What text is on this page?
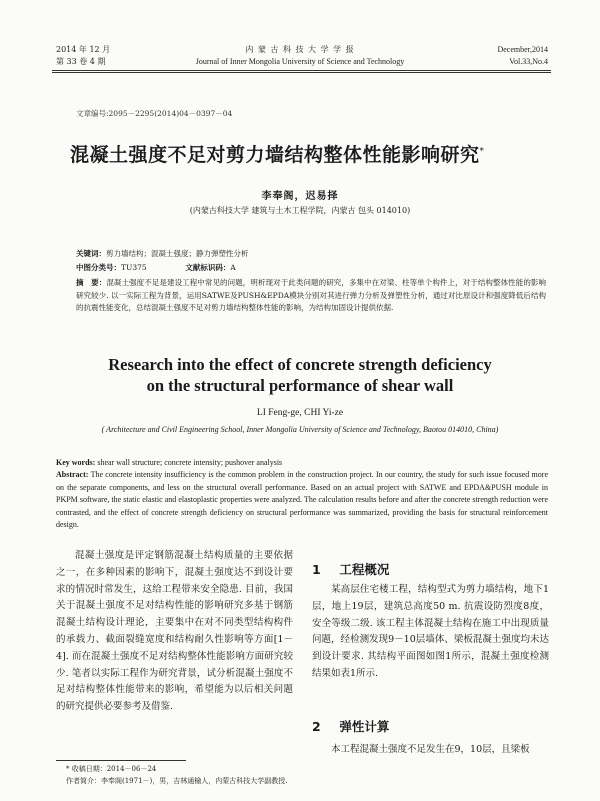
2014 年 12 月
第 33 卷 4 期
内 蒙 古 科 技 大 学 学 报
Journal of Inner Mongolia University of Science and Technology
December,2014
Vol.33,No.4
文章编号:2095－2295(2014)04－0397－04
混凝土强度不足对剪力墙结构整体性能影响研究*
李奉阁，迟易择
(内蒙古科技大学 建筑与土木工程学院，内蒙古 包头 014010)
关键词：剪力墙结构；混凝土强度；静力弹塑性分析
中图分类号：TU375	文献标识码：A
摘　要：混凝土强度不足是建设工程中常见的问题，明析现对于此类问题的研究，多集中在对梁、柱等单个构件上，对于结构整体性能的影响研究较少. 以一实际工程为背景，运用SATWE及PUSH&EPDA模块分别对其进行弹力分析及弹塑性分析，通过对比原设计和强度降低后结构的抗震性能变化，总结混凝土强度不足对剪力墙结构整体性能的影响，为结构加固设计提供依据.
Research into the effect of concrete strength deficiency
on the structural performance of shear wall
LI Feng-ge, CHI Yi-ze
( Architecture and Civil Engineering School, Inner Mongolia University of Science and Technology, Baotou 014010, China)
Key words: shear wall structure; concrete intensity; pushover analysis
Abstract: The concrete intensity insufficiency is the common problem in the construction project. In our country, the study for such issue focused more on the separate components, and less on the structural overall performance. Based on an actual project with SATWE and EPDA&PUSH module in PKPM software, the static elastic and elastoplastic properties were analyzed. The calculation results before and after the concrete strength reduction were contrasted, and the effect of concrete strength deficiency on structural performance was summarized, providing the basis for structural reinforcement design.
混凝土强度是评定钢筋混凝土结构质量的主要依据之一，在多种因素的影响下，混凝土强度达不到设计要求的情况时常发生，这给工程带来安全隐患. 目前，我国关于混凝土强度不足对结构性能的影响研究多基于钢筋混凝土结构设计理论，主要集中在对不同类型结构构件的承载力、截面裂缝宽度和结构耐久性影响等方面[1－4]. 而在混凝土强度不足对结构整体性能影响方面研究较少. 笔者以实际工程作为研究背景，试分析混凝土强度不足对结构整体性能带来的影响，希望能为以后相关问题的研究提供必要参考及借鉴.
1 工程概况
某高层住宅楼工程，结构型式为剪力墙结构，地下1层，地上19层，建筑总高度50 m. 抗震设防烈度8度，安全等级二级. 该工程主体混凝土结构在施工中出现质量问题，经检测发现9－10层墙体、梁板混凝土强度均未达到设计要求. 其结构平面图如图1所示，混凝土强度检测结果如表1所示.
2 弹性计算
本工程混凝土强度不足发生在9，10层，且梁板
* 收稿日期：2014－06－24
作者简介：李奉阁(1971－)，男，吉林通榆人，内蒙古科技大学副教授.
